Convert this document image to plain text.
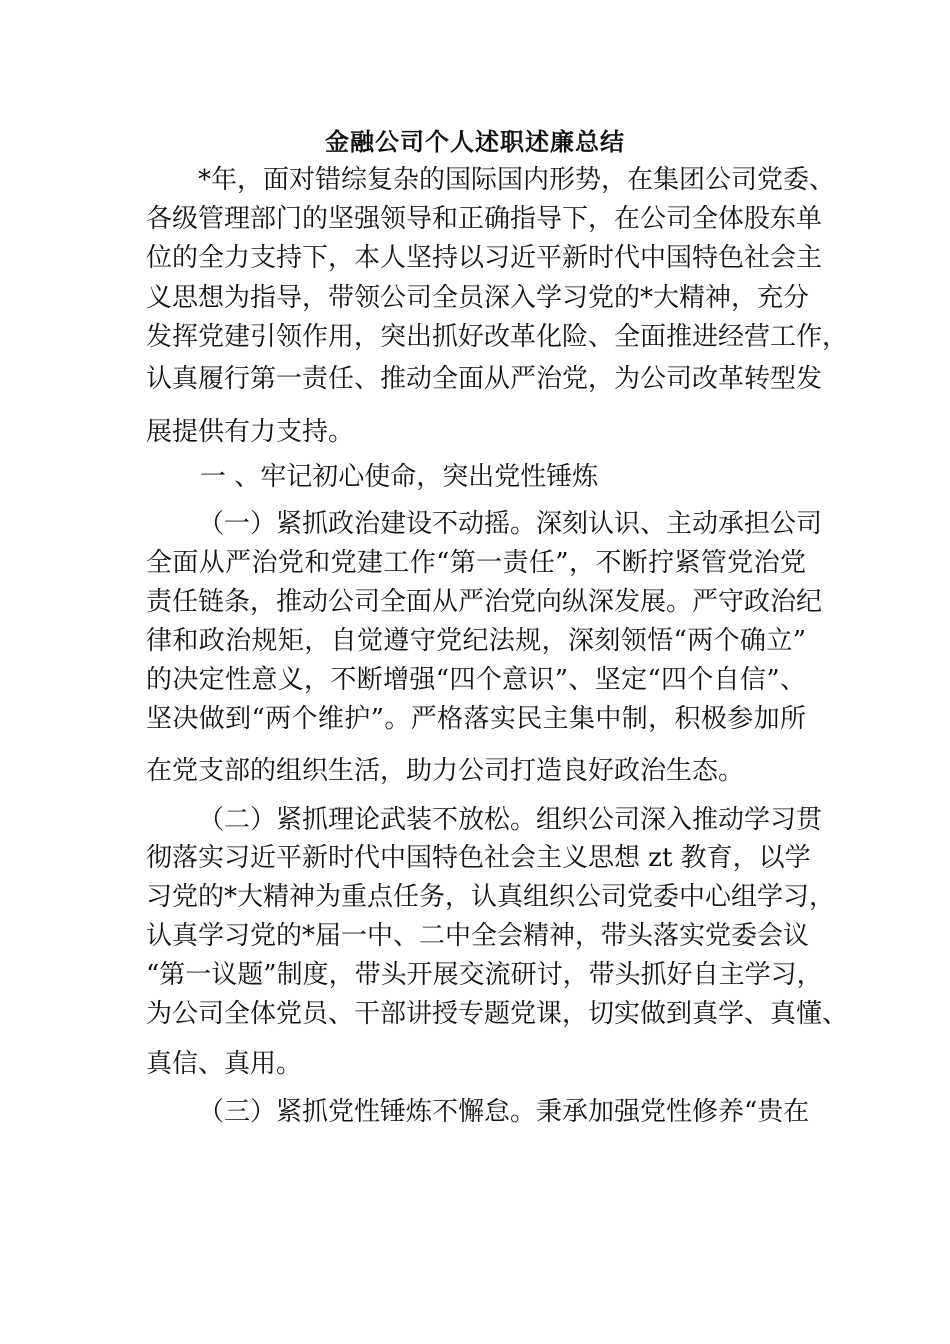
金融公司个人述职述廉总结
*年，面对错综复杂的国际国内形势，在集团公司党委、
各级管理部门的坚强领导和正确指导下，在公司全体股东单
位的全力支持下，本人坚持以习近平新时代中国特色社会主
义思想为指导，带领公司全员深入学习党的*大精神，充分
发挥党建引领作用，突出抓好改革化险、全面推进经营工作，
认真履行第一责任、推动全面从严治党，为公司改革转型发
展提供有力支持。
一 、牢记初心使命，突出党性锤炼
（一）紧抓政治建设不动摇。深刻认识、主动承担公司
全面从严治党和党建工作“第一责任”，不断拧紧管党治党
责任链条，推动公司全面从严治党向纵深发展。严守政治纪
律和政治规矩，自觉遵守党纪法规，深刻领悟“两个确立”
的决定性意义，不断增强“四个意识”、坚定“四个自信”、
坚决做到“两个维护”。严格落实民主集中制，积极参加所
在党支部的组织生活，助力公司打造良好政治生态。
（二）紧抓理论武装不放松。组织公司深入推动学习贯
彻落实习近平新时代中国特色社会主义思想 zt 教育，以学
习党的*大精神为重点任务，认真组织公司党委中心组学习，
认真学习党的*届一中、二中全会精神，带头落实党委会议
“第一议题”制度，带头开展交流研讨，带头抓好自主学习，
为公司全体党员、干部讲授专题党课，切实做到真学、真懂、
真信、真用。
（三）紧抓党性锤炼不懈怠。秉承加强党性修养“贵在
